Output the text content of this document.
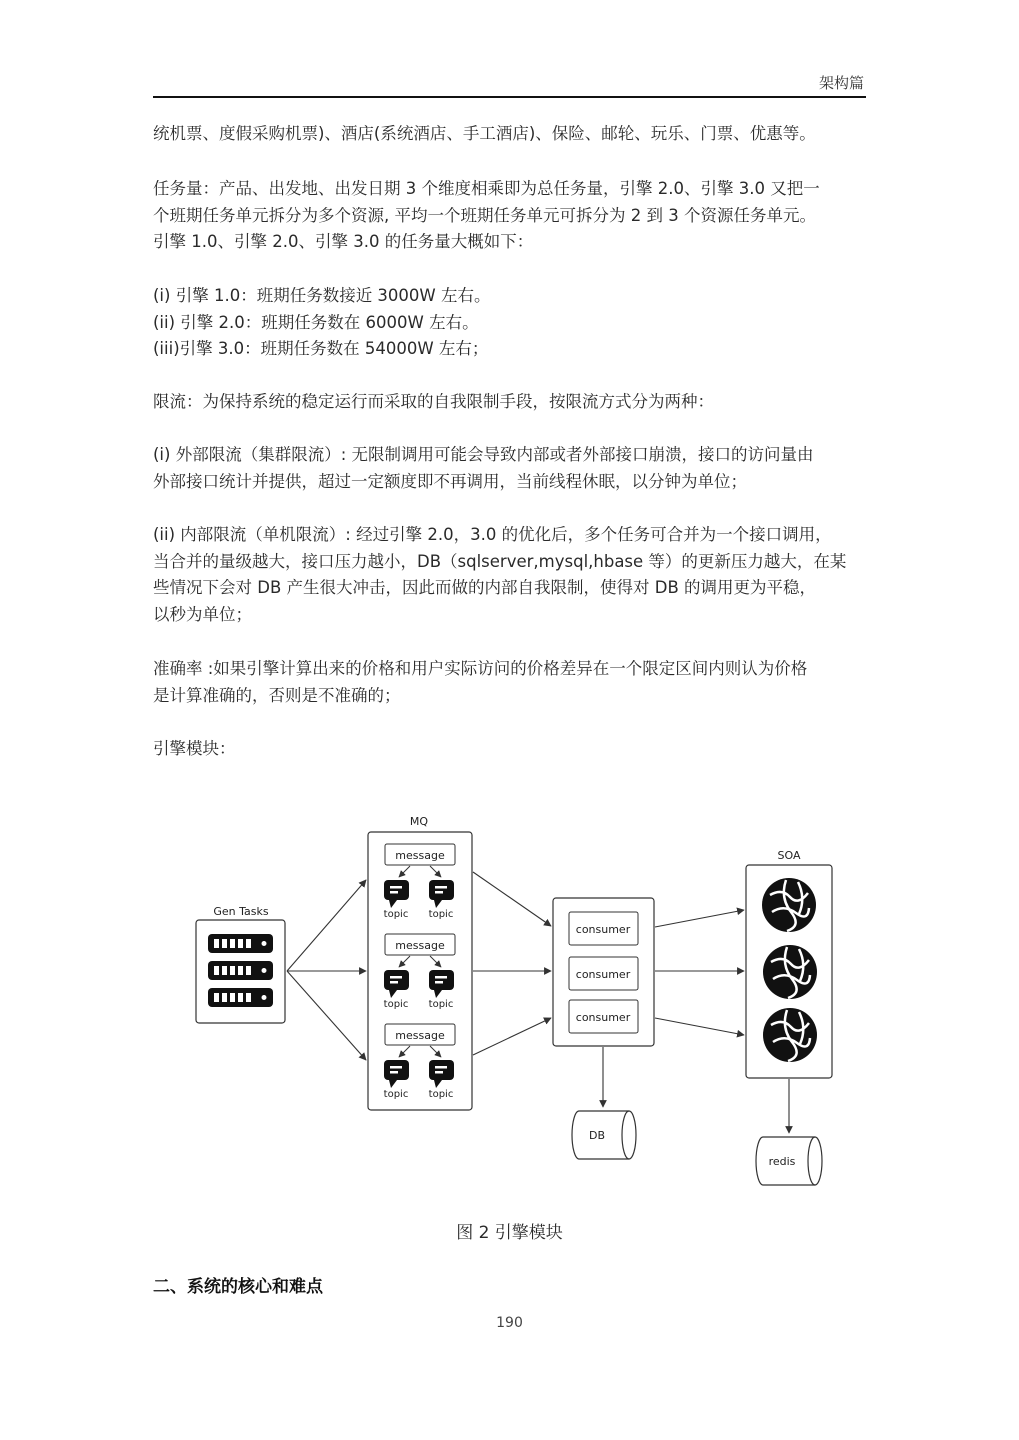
架构篇
统机票、度假采购机票)、酒店(系统酒店、手工酒店)、保险、邮轮、玩乐、门票、优惠等。
任务量：产品、出发地、出发日期 3 个维度相乘即为总任务量，引擎 2.0、引擎 3.0 又把一
个班期任务单元拆分为多个资源, 平均一个班期任务单元可拆分为 2 到 3 个资源任务单元。
引擎 1.0、引擎 2.0、引擎 3.0 的任务量大概如下：
(i) 引擎 1.0：班期任务数接近 3000W 左右。
(ii) 引擎 2.0：班期任务数在 6000W 左右。
(iii)引擎 3.0：班期任务数在 54000W 左右；
限流：为保持系统的稳定运行而采取的自我限制手段，按限流方式分为两种：
(i) 外部限流（集群限流）: 无限制调用可能会导致内部或者外部接口崩溃，接口的访问量由
外部接口统计并提供，超过一定额度即不再调用，当前线程休眠，以分钟为单位；
(ii) 内部限流（单机限流）: 经过引擎 2.0，3.0 的优化后，多个任务可合并为一个接口调用，
当合并的量级越大，接口压力越小，DB（sqlserver,mysql,hbase 等）的更新压力越大，在某
些情况下会对 DB 产生很大冲击，因此而做的内部自我限制，使得对 DB 的调用更为平稳，
以秒为单位；
准确率 :如果引擎计算出来的价格和用户实际访问的价格差异在一个限定区间内则认为价格
是计算准确的，否则是不准确的；
引擎模块：
Gen Tasks
MQ
message
topic topic
message
topic topic
message
topic topic
consumer
consumer
consumer
SOA
DB
redis
图 2 引擎模块
二、系统的核心和难点
190
